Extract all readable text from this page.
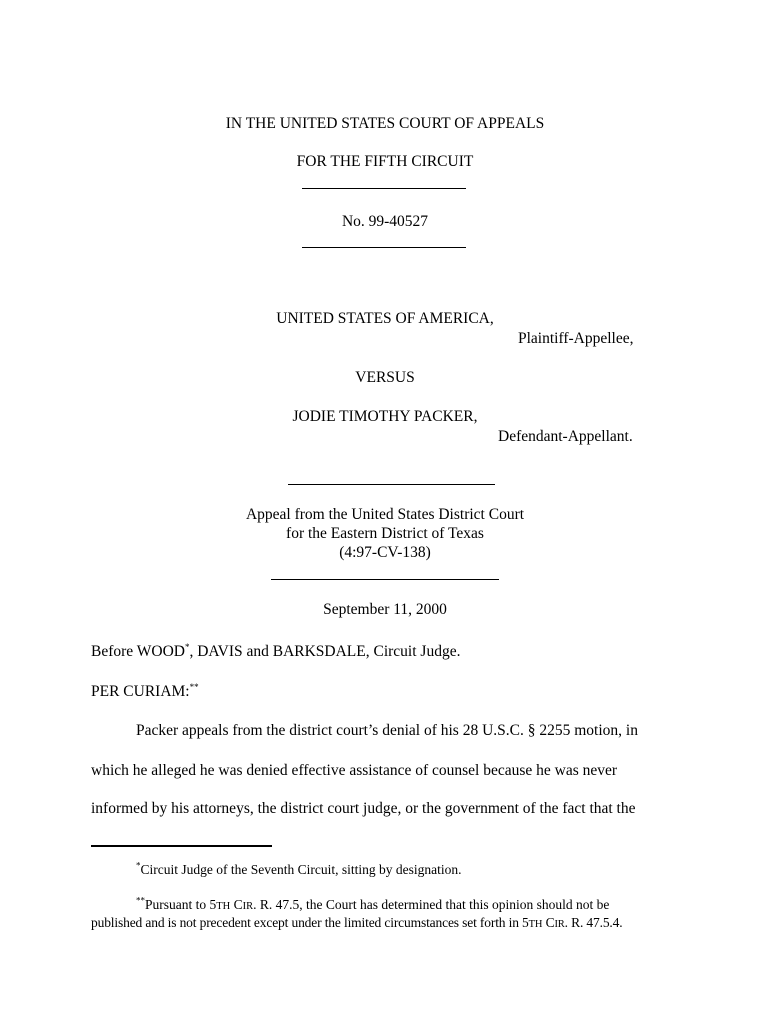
IN THE UNITED STATES COURT OF APPEALS
FOR THE FIFTH CIRCUIT
No. 99-40527
UNITED STATES OF AMERICA,
Plaintiff-Appellee,
VERSUS
JODIE TIMOTHY PACKER,
Defendant-Appellant.
Appeal from the United States District Court
for the Eastern District of Texas
(4:97-CV-138)
September 11, 2000
Before WOOD*, DAVIS and BARKSDALE, Circuit Judge.
PER CURIAM:**
Packer appeals from the district court’s denial of his 28 U.S.C. § 2255 motion, in
which he alleged he was denied effective assistance of counsel because he was never
informed by his attorneys, the district court judge, or the government of the fact that the
*Circuit Judge of the Seventh Circuit, sitting by designation.
**Pursuant to 5TH CIR. R. 47.5, the Court has determined that this opinion should not be
published and is not precedent except under the limited circumstances set forth in 5TH CIR. R. 47.5.4.
